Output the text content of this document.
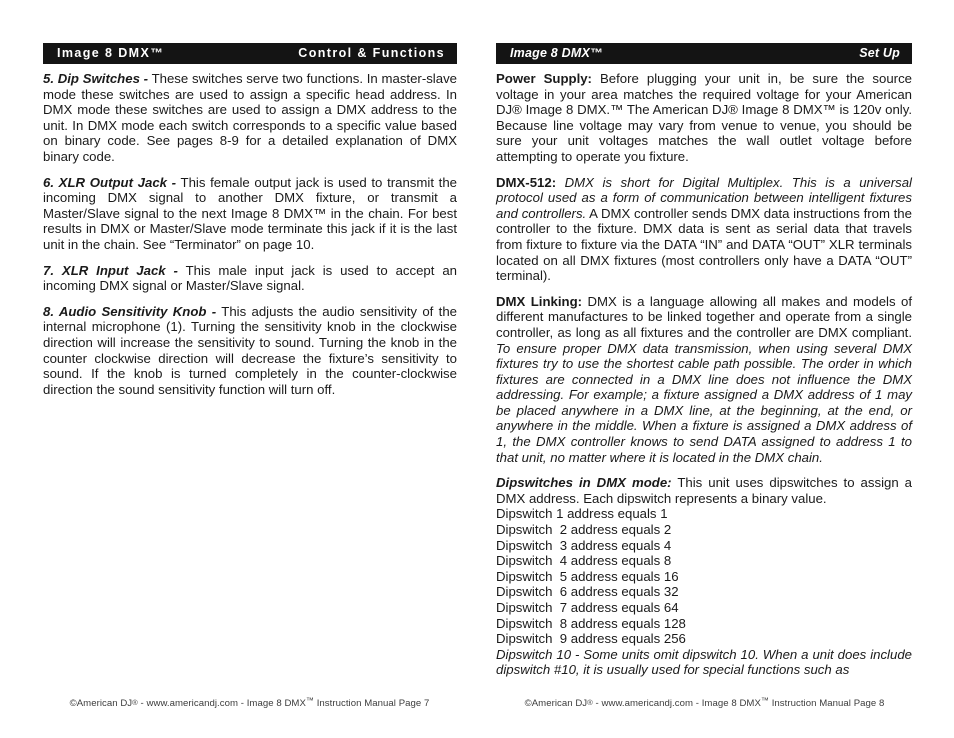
Image 8 DMX™	Control & Functions

5. Dip Switches - These switches serve two functions. In master-slave mode these switches are used to assign a specific head address. In DMX mode these switches are used to assign a DMX address to the unit. In DMX mode each switch corresponds to a specific value based on binary code. See pages 8-9 for a detailed explanation of DMX binary code.

6. XLR Output Jack - This female output jack is used to transmit the incoming DMX signal to another DMX fixture, or transmit a Master/Slave signal to the next Image 8 DMX™ in the chain. For best results in DMX or Master/Slave mode terminate this jack if it is the last unit in the chain. See “Terminator” on page 10.

7. XLR Input Jack - This male input jack is used to accept an incoming DMX signal or Master/Slave signal.

8. Audio Sensitivity Knob - This adjusts the audio sensitivity of the internal microphone (1). Turning the sensitivity knob in the clockwise direction will increase the sensitivity to sound. Turning the knob in the counter clockwise direction will decrease the fixture’s sensitivity to sound. If the knob is turned completely in the counter-clockwise direction the sound sensitivity function will turn off.

©American DJ® - www.americandj.com - Image 8 DMX™ Instruction Manual Page 7
Image 8 DMX™	Set Up

Power Supply: Before plugging your unit in, be sure the source voltage in your area matches the required voltage for your American DJ® Image 8 DMX.™ The American DJ® Image 8 DMX™ is 120v only. Because line voltage may vary from venue to venue, you should be sure your unit voltages matches the wall outlet voltage before attempting to operate you fixture.

DMX-512: DMX is short for Digital Multiplex. This is a universal protocol used as a form of communication between intelligent fixtures and controllers. A DMX controller sends DMX data instructions from the controller to the fixture. DMX data is sent as serial data that travels from fixture to fixture via the DATA “IN” and DATA “OUT” XLR terminals located on all DMX fixtures (most controllers only have a DATA “OUT” terminal).

DMX Linking: DMX is a language allowing all makes and models of different manufactures to be linked together and operate from a single controller, as long as all fixtures and the controller are DMX compliant. To ensure proper DMX data transmission, when using several DMX fixtures try to use the shortest cable path possible. The order in which fixtures are connected in a DMX line does not influence the DMX addressing. For example; a fixture assigned a DMX address of 1 may be placed anywhere in a DMX line, at the beginning, at the end, or anywhere in the middle. When a fixture is assigned a DMX address of 1, the DMX controller knows to send DATA assigned to address 1 to that unit, no matter where it is located in the DMX chain.

Dipswitches in DMX mode: This unit uses dipswitches to assign a DMX address. Each dipswitch represents a binary value.

Dipswitch 1 address equals 1
Dipswitch  2 address equals 2
Dipswitch  3 address equals 4
Dipswitch  4 address equals 8
Dipswitch  5 address equals 16
Dipswitch  6 address equals 32
Dipswitch  7 address equals 64
Dipswitch  8 address equals 128
Dipswitch  9 address equals 256

Dipswitch 10 - Some units omit dipswitch 10. When a unit does include dipswitch #10, it is usually used for special functions such as

©American DJ® - www.americandj.com - Image 8 DMX™ Instruction Manual Page 8
